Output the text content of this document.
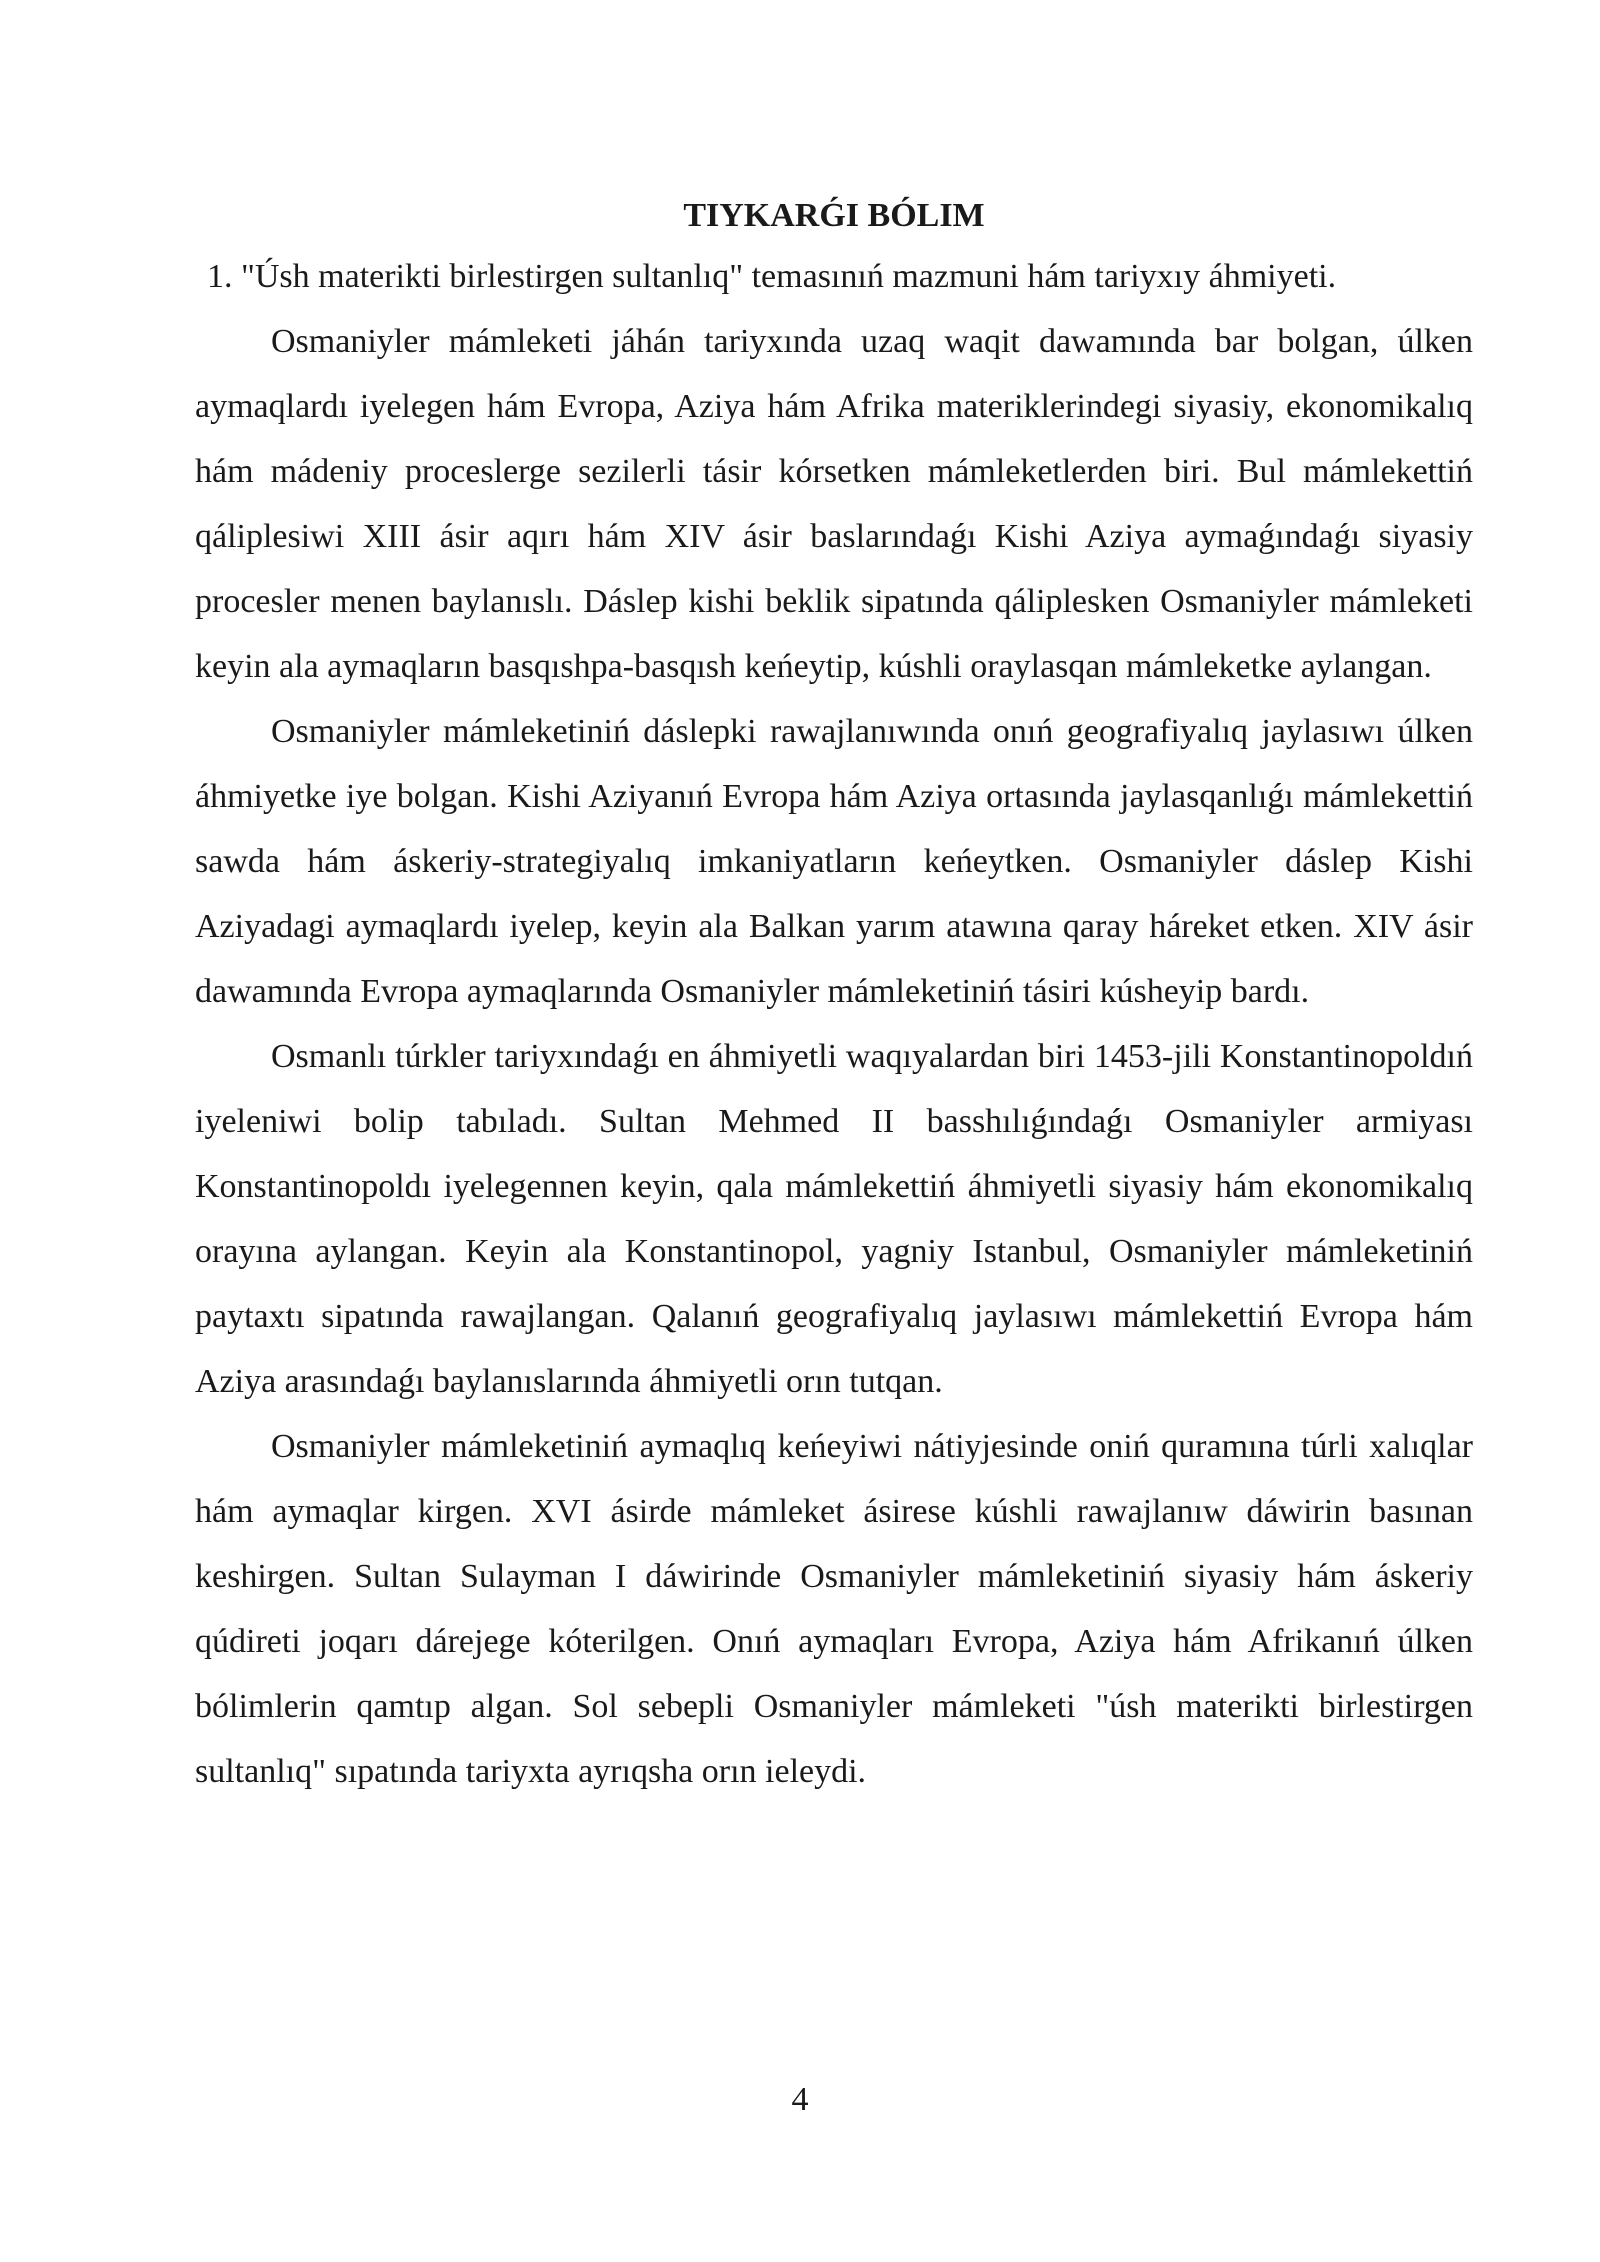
TIYKARǴI BÓLIM

1. "Úsh materikti birlestirgen sultanlıq" temasınıń mazmuni hám tariyxıy áhmiyeti.

Osmaniyler mámleketi jáhán tariyxında uzaq waqit dawamında bar bolgan, úlken aymaqlardı iyelegen hám Evropa, Aziya hám Afrika materiklerindegi siyasiy, ekonomikalıq hám mádeniy proceslerge sezilerli tásir kórsetken mámleketlerden biri. Bul mámlekettiń qáliplesiwi XIII ásir aqırı hám XIV ásir baslarındaǵı Kishi Aziya aymaǵındaǵı siyasiy procesler menen baylanıslı. Dáslep kishi beklik sipatında qáliplesken Osmaniyler mámleketi keyin ala aymaqların basqıshpa-basqısh keńeytip, kúshli oraylasqan mámleketke aylangan.

Osmaniyler mámleketiniń dáslepki rawajlanıwında onıń geografiyalıq jaylasıwı úlken áhmiyetke iye bolgan. Kishi Aziyanıń Evropa hám Aziya ortasında jaylasqanlıǵı mámlekettiń sawda hám áskeriy-strategiyalıq imkaniyatların keńeytken. Osmaniyler dáslep Kishi Aziyadagi aymaqlardı iyelep, keyin ala Balkan yarım atawına qaray háreket etken. XIV ásir dawamında Evropa aymaqlarında Osmaniyler mámleketiniń tásiri kúsheyip bardı.

Osmanlı túrkler tariyxındaǵı en áhmiyetli waqıyalardan biri 1453-jili Konstantinopoldıń iyeleniwi bolip tabıladı. Sultan Mehmed II basshılıǵındaǵı Osmaniyler armiyası Konstantinopoldı iyelegennen keyin, qala mámlekettiń áhmiyetli siyasiy hám ekonomikalıq orayına aylangan. Keyin ala Konstantinopol, yagniy Istanbul, Osmaniyler mámleketiniń paytaxtı sipatında rawajlangan. Qalanıń geografiyalıq jaylasıwı mámlekettiń Evropa hám Aziya arasındaǵı baylanıslarında áhmiyetli orın tutqan.

Osmaniyler mámleketiniń aymaqlıq keńeyiwi nátiyjesinde oniń quramına túrli xalıqlar hám aymaqlar kirgen. XVI ásirde mámleket ásirese kúshli rawajlanıw dáwirin basınan keshirgen. Sultan Sulayman I dáwirinde Osmaniyler mámleketiniń siyasiy hám áskeriy qúdireti joqarı dárejege kóterilgen. Onıń aymaqları Evropa, Aziya hám Afrikanıń úlken bólimlerin qamtıp algan. Sol sebepli Osmaniyler mámleketi "úsh materikti birlestirgen sultanlıq" sıpatında tariyxta ayrıqsha orın ieleydi.

4
